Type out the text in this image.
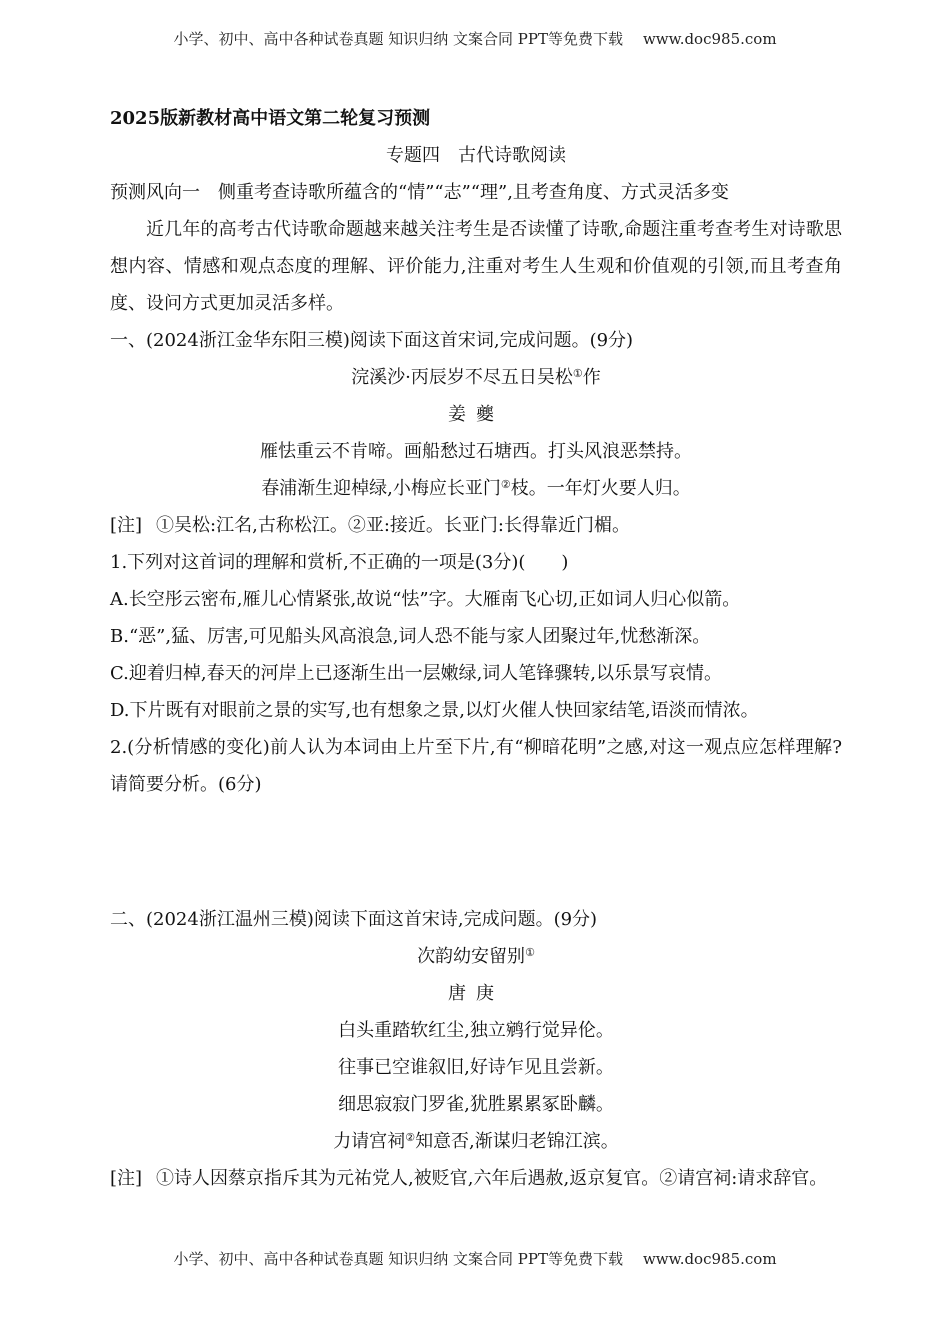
小学、初中、高中各种试卷真题 知识归纳 文案合同 PPT等免费下载 www.doc985.com
2025版新教材高中语文第二轮复习预测
专题四 古代诗歌阅读
预测风向一 侧重考查诗歌所蕴含的“情”“志”“理”,且考查角度、方式灵活多变
近几年的高考古代诗歌命题越来越关注考生是否读懂了诗歌,命题注重考查考生对诗歌思想内容、情感和观点态度的理解、评价能力,注重对考生人生观和价值观的引领,而且考查角度、设问方式更加灵活多样。
一、(2024浙江金华东阳三模)阅读下面这首宋词,完成问题。(9分)
浣溪沙·丙辰岁不尽五日吴松①作
姜夔
雁怯重云不肯啼。画船愁过石塘西。打头风浪恶禁持。
春浦渐生迎棹绿,小梅应长亚门②枝。一年灯火要人归。
[注] ①吴松:江名,古称松江。②亚:接近。长亚门:长得靠近门楣。
1.下列对这首词的理解和赏析,不正确的一项是(3分)(　　)
A.长空彤云密布,雁儿心情紧张,故说“怯”字。大雁南飞心切,正如词人归心似箭。
B.“恶”,猛、厉害,可见船头风高浪急,词人恐不能与家人团聚过年,忧愁渐深。
C.迎着归棹,春天的河岸上已逐渐生出一层嫩绿,词人笔锋骤转,以乐景写哀情。
D.下片既有对眼前之景的实写,也有想象之景,以灯火催人快回家结笔,语淡而情浓。
2.(分析情感的变化)前人认为本词由上片至下片,有“柳暗花明”之感,对这一观点应怎样理解?请简要分析。(6分)
二、(2024浙江温州三模)阅读下面这首宋诗,完成问题。(9分)
次韵幼安留别①
唐庚
白头重踏软红尘,独立鹓行觉异伦。
往事已空谁叙旧,好诗乍见且尝新。
细思寂寂门罗雀,犹胜累累冢卧麟。
力请宫祠②知意否,渐谋归老锦江滨。
[注] ①诗人因蔡京指斥其为元祐党人,被贬官,六年后遇赦,返京复官。②请宫祠:请求辞官。
小学、初中、高中各种试卷真题 知识归纳 文案合同 PPT等免费下载 www.doc985.com
